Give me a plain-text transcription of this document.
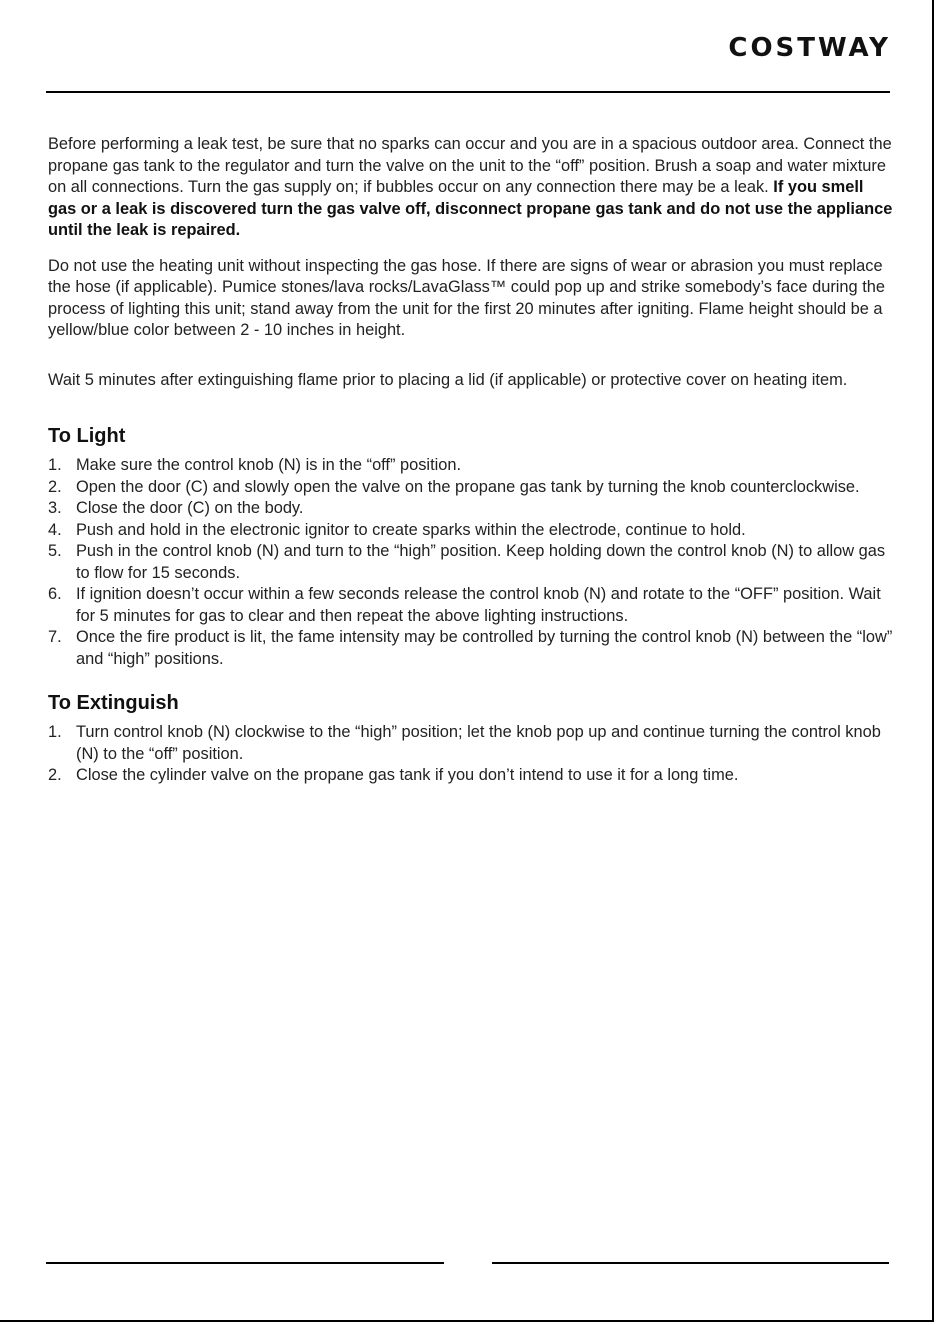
COSTWAY

Before performing a leak test, be sure that no sparks can occur and you are in a spacious outdoor area. Connect the propane gas tank to the regulator and turn the valve on the unit to the “off” position. Brush a soap and water mixture on all connections. Turn the gas supply on; if bubbles occur on any connection there may be a leak. If you smell gas or a leak is discovered turn the gas valve off, disconnect propane gas tank and do not use the appliance until the leak is repaired.

Do not use the heating unit without inspecting the gas hose. If there are signs of wear or abrasion you must replace the hose (if applicable). Pumice stones/lava rocks/LavaGlass™ could pop up and strike somebody’s face during the process of lighting this unit; stand away from the unit for the first 20 minutes after igniting. Flame height should be a yellow/blue color between 2 - 10 inches in height.

Wait 5 minutes after extinguishing flame prior to placing a lid (if applicable) or protective cover on heating item.

To Light
1. Make sure the control knob (N) is in the “off” position.
2. Open the door (C) and slowly open the valve on the propane gas tank by turning the knob counterclockwise.
3. Close the door (C) on the body.
4. Push and hold in the electronic ignitor to create sparks within the electrode, continue to hold.
5. Push in the control knob (N) and turn to the “high” position. Keep holding down the control knob (N) to allow gas to flow for 15 seconds.
6. If ignition doesn’t occur within a few seconds release the control knob (N) and rotate to the “OFF” position. Wait for 5 minutes for gas to clear and then repeat the above lighting instructions.
7. Once the fire product is lit, the fame intensity may be controlled by turning the control knob (N) between the “low” and “high” positions.
To Extinguish
1. Turn control knob (N) clockwise to the “high” position; let the knob pop up and continue turning the control knob (N) to the “off” position.
2. Close the cylinder valve on the propane gas tank if you don’t intend to use it for a long time.
